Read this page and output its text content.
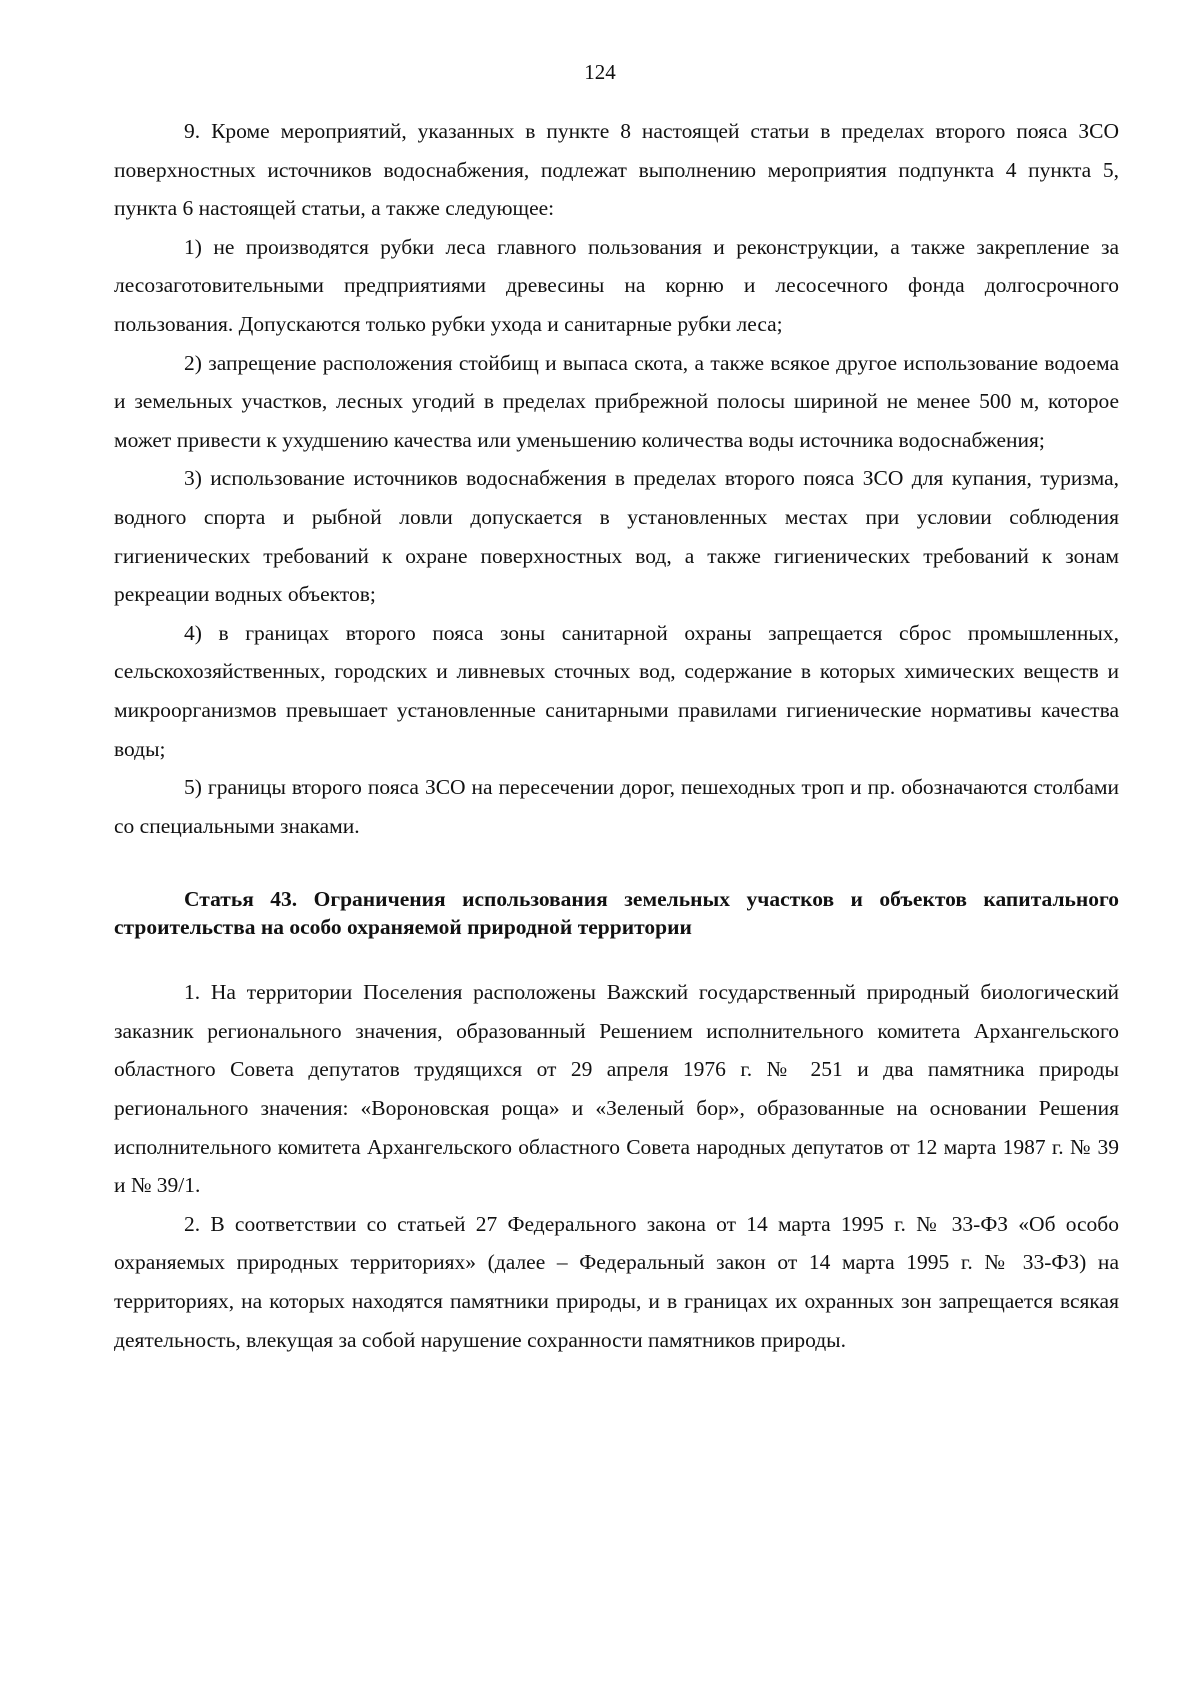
124

9. Кроме мероприятий, указанных в пункте 8 настоящей статьи в пределах второго пояса ЗСО поверхностных источников водоснабжения, подлежат выполнению мероприятия подпункта 4 пункта 5, пункта 6 настоящей статьи, а также следующее:

1) не производятся рубки леса главного пользования и реконструкции, а также закрепление за лесозаготовительными предприятиями древесины на корню и лесосечного фонда долгосрочного пользования. Допускаются только рубки ухода и санитарные рубки леса;

2) запрещение расположения стойбищ и выпаса скота, а также всякое другое использование водоема и земельных участков, лесных угодий в пределах прибрежной полосы шириной не менее 500 м, которое может привести к ухудшению качества или уменьшению количества воды источника водоснабжения;

3) использование источников водоснабжения в пределах второго пояса ЗСО для купания, туризма, водного спорта и рыбной ловли допускается в установленных местах при условии соблюдения гигиенических требований к охране поверхностных вод, а также гигиенических требований к зонам рекреации водных объектов;

4) в границах второго пояса зоны санитарной охраны запрещается сброс промышленных, сельскохозяйственных, городских и ливневых сточных вод, содержание в которых химических веществ и микроорганизмов превышает установленные санитарными правилами гигиенические нормативы качества воды;

5) границы второго пояса ЗСО на пересечении дорог, пешеходных троп и пр. обозначаются столбами со специальными знаками.

Статья 43. Ограничения использования земельных участков и объектов капитального строительства на особо охраняемой природной территории

1. На территории Поселения расположены Важский государственный природный биологический заказник регионального значения, образованный Решением исполнительного комитета Архангельского областного Совета депутатов трудящихся от 29 апреля 1976 г. № 251 и два памятника природы регионального значения: «Вороновская роща» и «Зеленый бор», образованные на основании Решения исполнительного комитета Архангельского областного Совета народных депутатов от 12 марта 1987 г. № 39 и № 39/1.

2. В соответствии со статьей 27 Федерального закона от 14 марта 1995 г. № 33-ФЗ «Об особо охраняемых природных территориях» (далее – Федеральный закон от 14 марта 1995 г. № 33-ФЗ) на территориях, на которых находятся памятники природы, и в границах их охранных зон запрещается всякая деятельность, влекущая за собой нарушение сохранности памятников природы.
